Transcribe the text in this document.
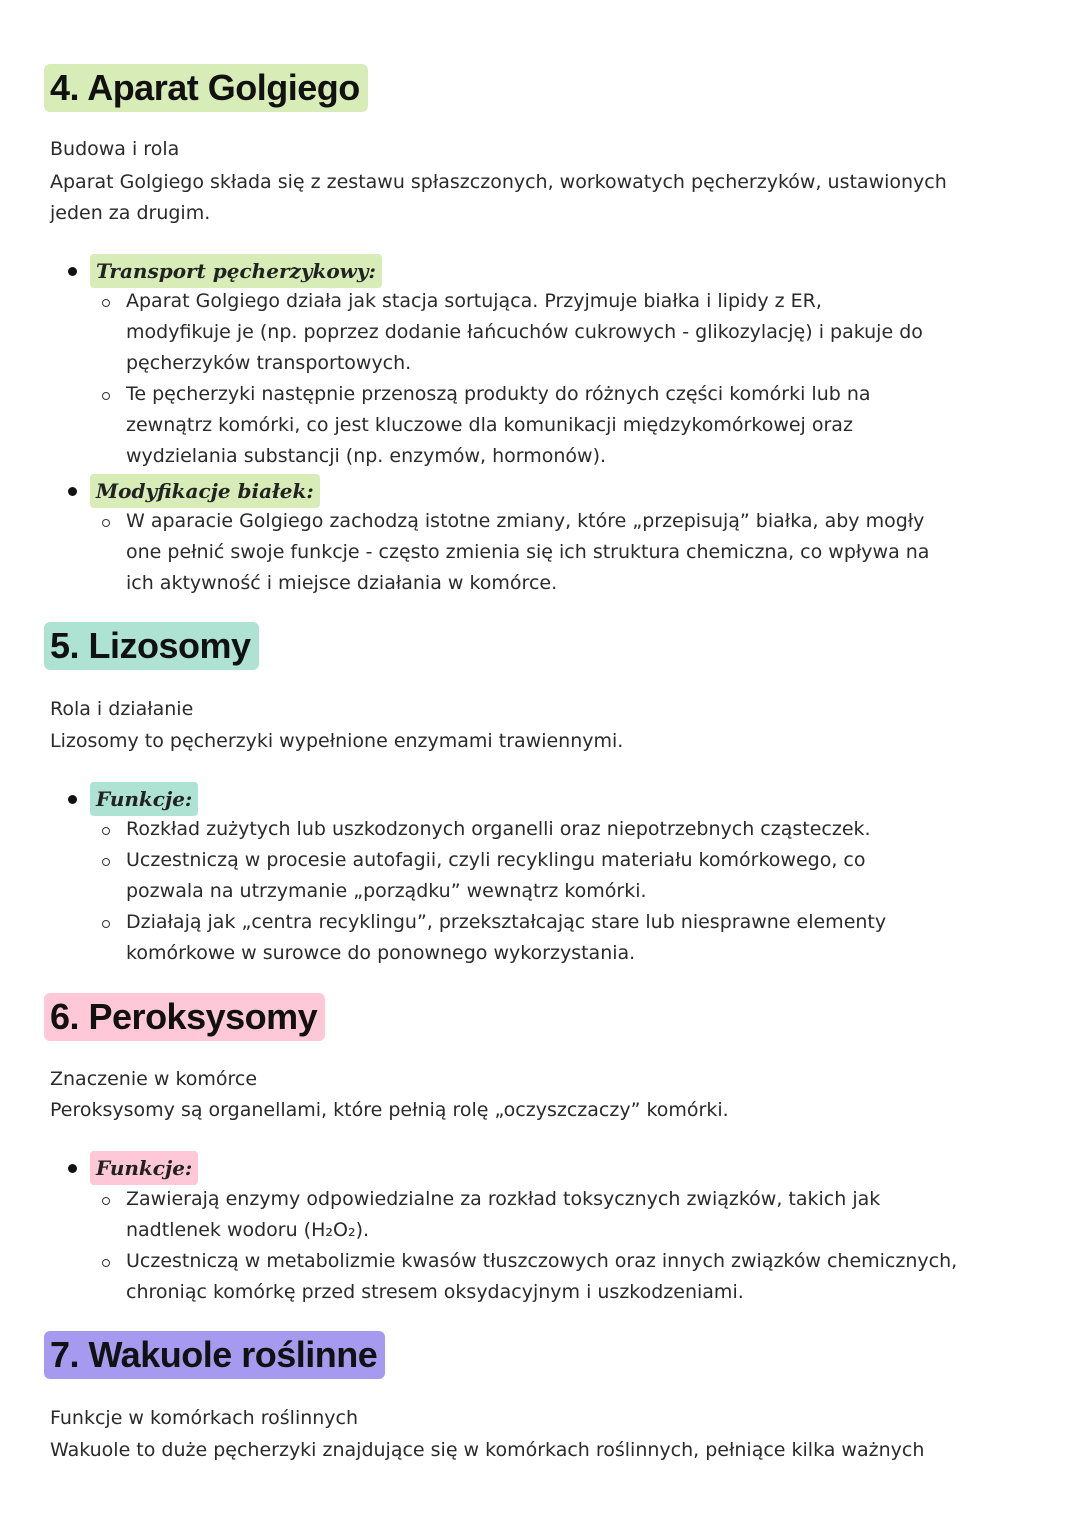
4. Aparat Golgiego
Budowa i rola
Aparat Golgiego składa się z zestawu spłaszczonych, workowatych pęcherzyków, ustawionych
jeden za drugim.
Transport pęcherzykowy:
Aparat Golgiego działa jak stacja sortująca. Przyjmuje białka i lipidy z ER,
modyfikuje je (np. poprzez dodanie łańcuchów cukrowych - glikozylację) i pakuje do
pęcherzyków transportowych.
Te pęcherzyki następnie przenoszą produkty do różnych części komórki lub na
zewnątrz komórki, co jest kluczowe dla komunikacji międzykomórkowej oraz
wydzielania substancji (np. enzymów, hormonów).
Modyfikacje białek:
W aparacie Golgiego zachodzą istotne zmiany, które „przepisują” białka, aby mogły
one pełnić swoje funkcje - często zmienia się ich struktura chemiczna, co wpływa na
ich aktywność i miejsce działania w komórce.
5. Lizosomy
Rola i działanie
Lizosomy to pęcherzyki wypełnione enzymami trawiennymi.
Funkcje:
Rozkład zużytych lub uszkodzonych organelli oraz niepotrzebnych cząsteczek.
Uczestniczą w procesie autofagii, czyli recyklingu materiału komórkowego, co
pozwala na utrzymanie „porządku” wewnątrz komórki.
Działają jak „centra recyklingu”, przekształcając stare lub niesprawne elementy
komórkowe w surowce do ponownego wykorzystania.
6. Peroksysomy
Znaczenie w komórce
Peroksysomy są organellami, które pełnią rolę „oczyszczaczy” komórki.
Funkcje:
Zawierają enzymy odpowiedzialne za rozkład toksycznych związków, takich jak
nadtlenek wodoru (H₂O₂).
Uczestniczą w metabolizmie kwasów tłuszczowych oraz innych związków chemicznych,
chroniąc komórkę przed stresem oksydacyjnym i uszkodzeniami.
7. Wakuole roślinne
Funkcje w komórkach roślinnych
Wakuole to duże pęcherzyki znajdujące się w komórkach roślinnych, pełniące kilka ważnych
